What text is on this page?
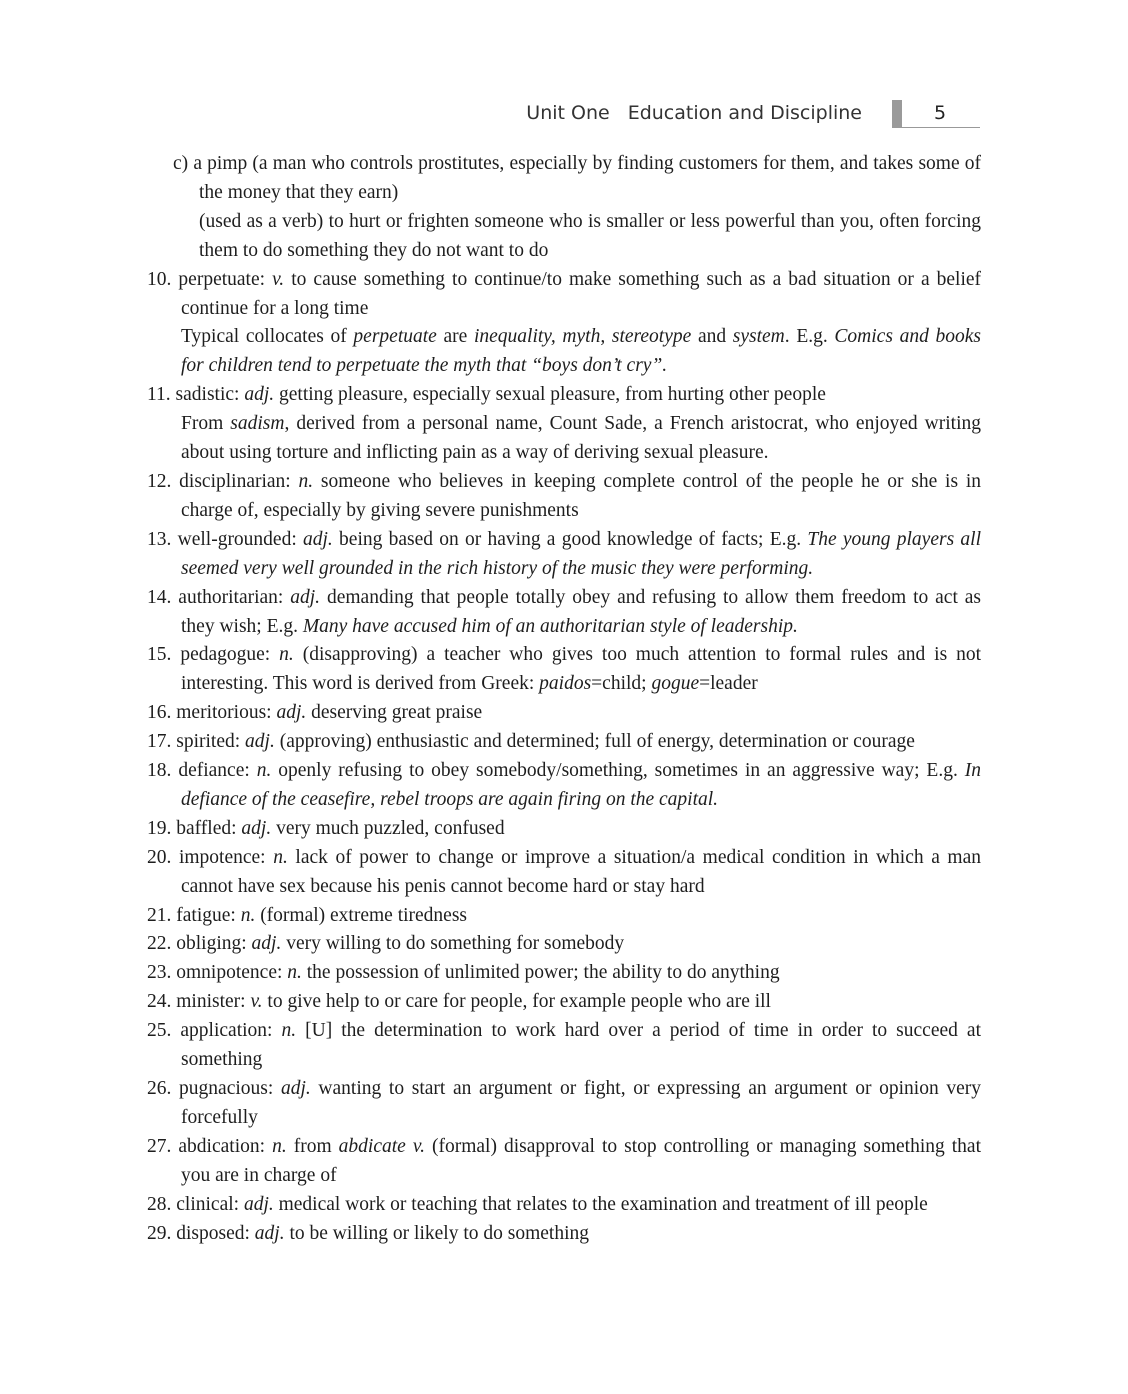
Unit One Education and Discipline	5
c) a pimp (a man who controls prostitutes, especially by finding customers for them, and takes some of the money that they earn)
(used as a verb) to hurt or frighten someone who is smaller or less powerful than you, often forcing them to do something they do not want to do
10. perpetuate: v. to cause something to continue/to make something such as a bad situation or a belief continue for a long time
Typical collocates of perpetuate are inequality, myth, stereotype and system. E.g. Comics and books for children tend to perpetuate the myth that “boys don’t cry”.
11. sadistic: adj. getting pleasure, especially sexual pleasure, from hurting other people
From sadism, derived from a personal name, Count Sade, a French aristocrat, who enjoyed writing about using torture and inflicting pain as a way of deriving sexual pleasure.
12. disciplinarian: n. someone who believes in keeping complete control of the people he or she is in charge of, especially by giving severe punishments
13. well-grounded: adj. being based on or having a good knowledge of facts; E.g. The young players all seemed very well grounded in the rich history of the music they were performing.
14. authoritarian: adj. demanding that people totally obey and refusing to allow them freedom to act as they wish; E.g. Many have accused him of an authoritarian style of leadership.
15. pedagogue: n. (disapproving) a teacher who gives too much attention to formal rules and is not interesting. This word is derived from Greek: paidos=child; gogue=leader
16. meritorious: adj. deserving great praise
17. spirited: adj. (approving) enthusiastic and determined; full of energy, determination or courage
18. defiance: n. openly refusing to obey somebody/something, sometimes in an aggressive way; E.g. In defiance of the ceasefire, rebel troops are again firing on the capital.
19. baffled: adj. very much puzzled, confused
20. impotence: n. lack of power to change or improve a situation/a medical condition in which a man cannot have sex because his penis cannot become hard or stay hard
21. fatigue: n. (formal) extreme tiredness
22. obliging: adj. very willing to do something for somebody
23. omnipotence: n. the possession of unlimited power; the ability to do anything
24. minister: v. to give help to or care for people, for example people who are ill
25. application: n. [U] the determination to work hard over a period of time in order to succeed at something
26. pugnacious: adj. wanting to start an argument or fight, or expressing an argument or opinion very forcefully
27. abdication: n. from abdicate v. (formal) disapproval to stop controlling or managing something that you are in charge of
28. clinical: adj. medical work or teaching that relates to the examination and treatment of ill people
29. disposed: adj. to be willing or likely to do something
